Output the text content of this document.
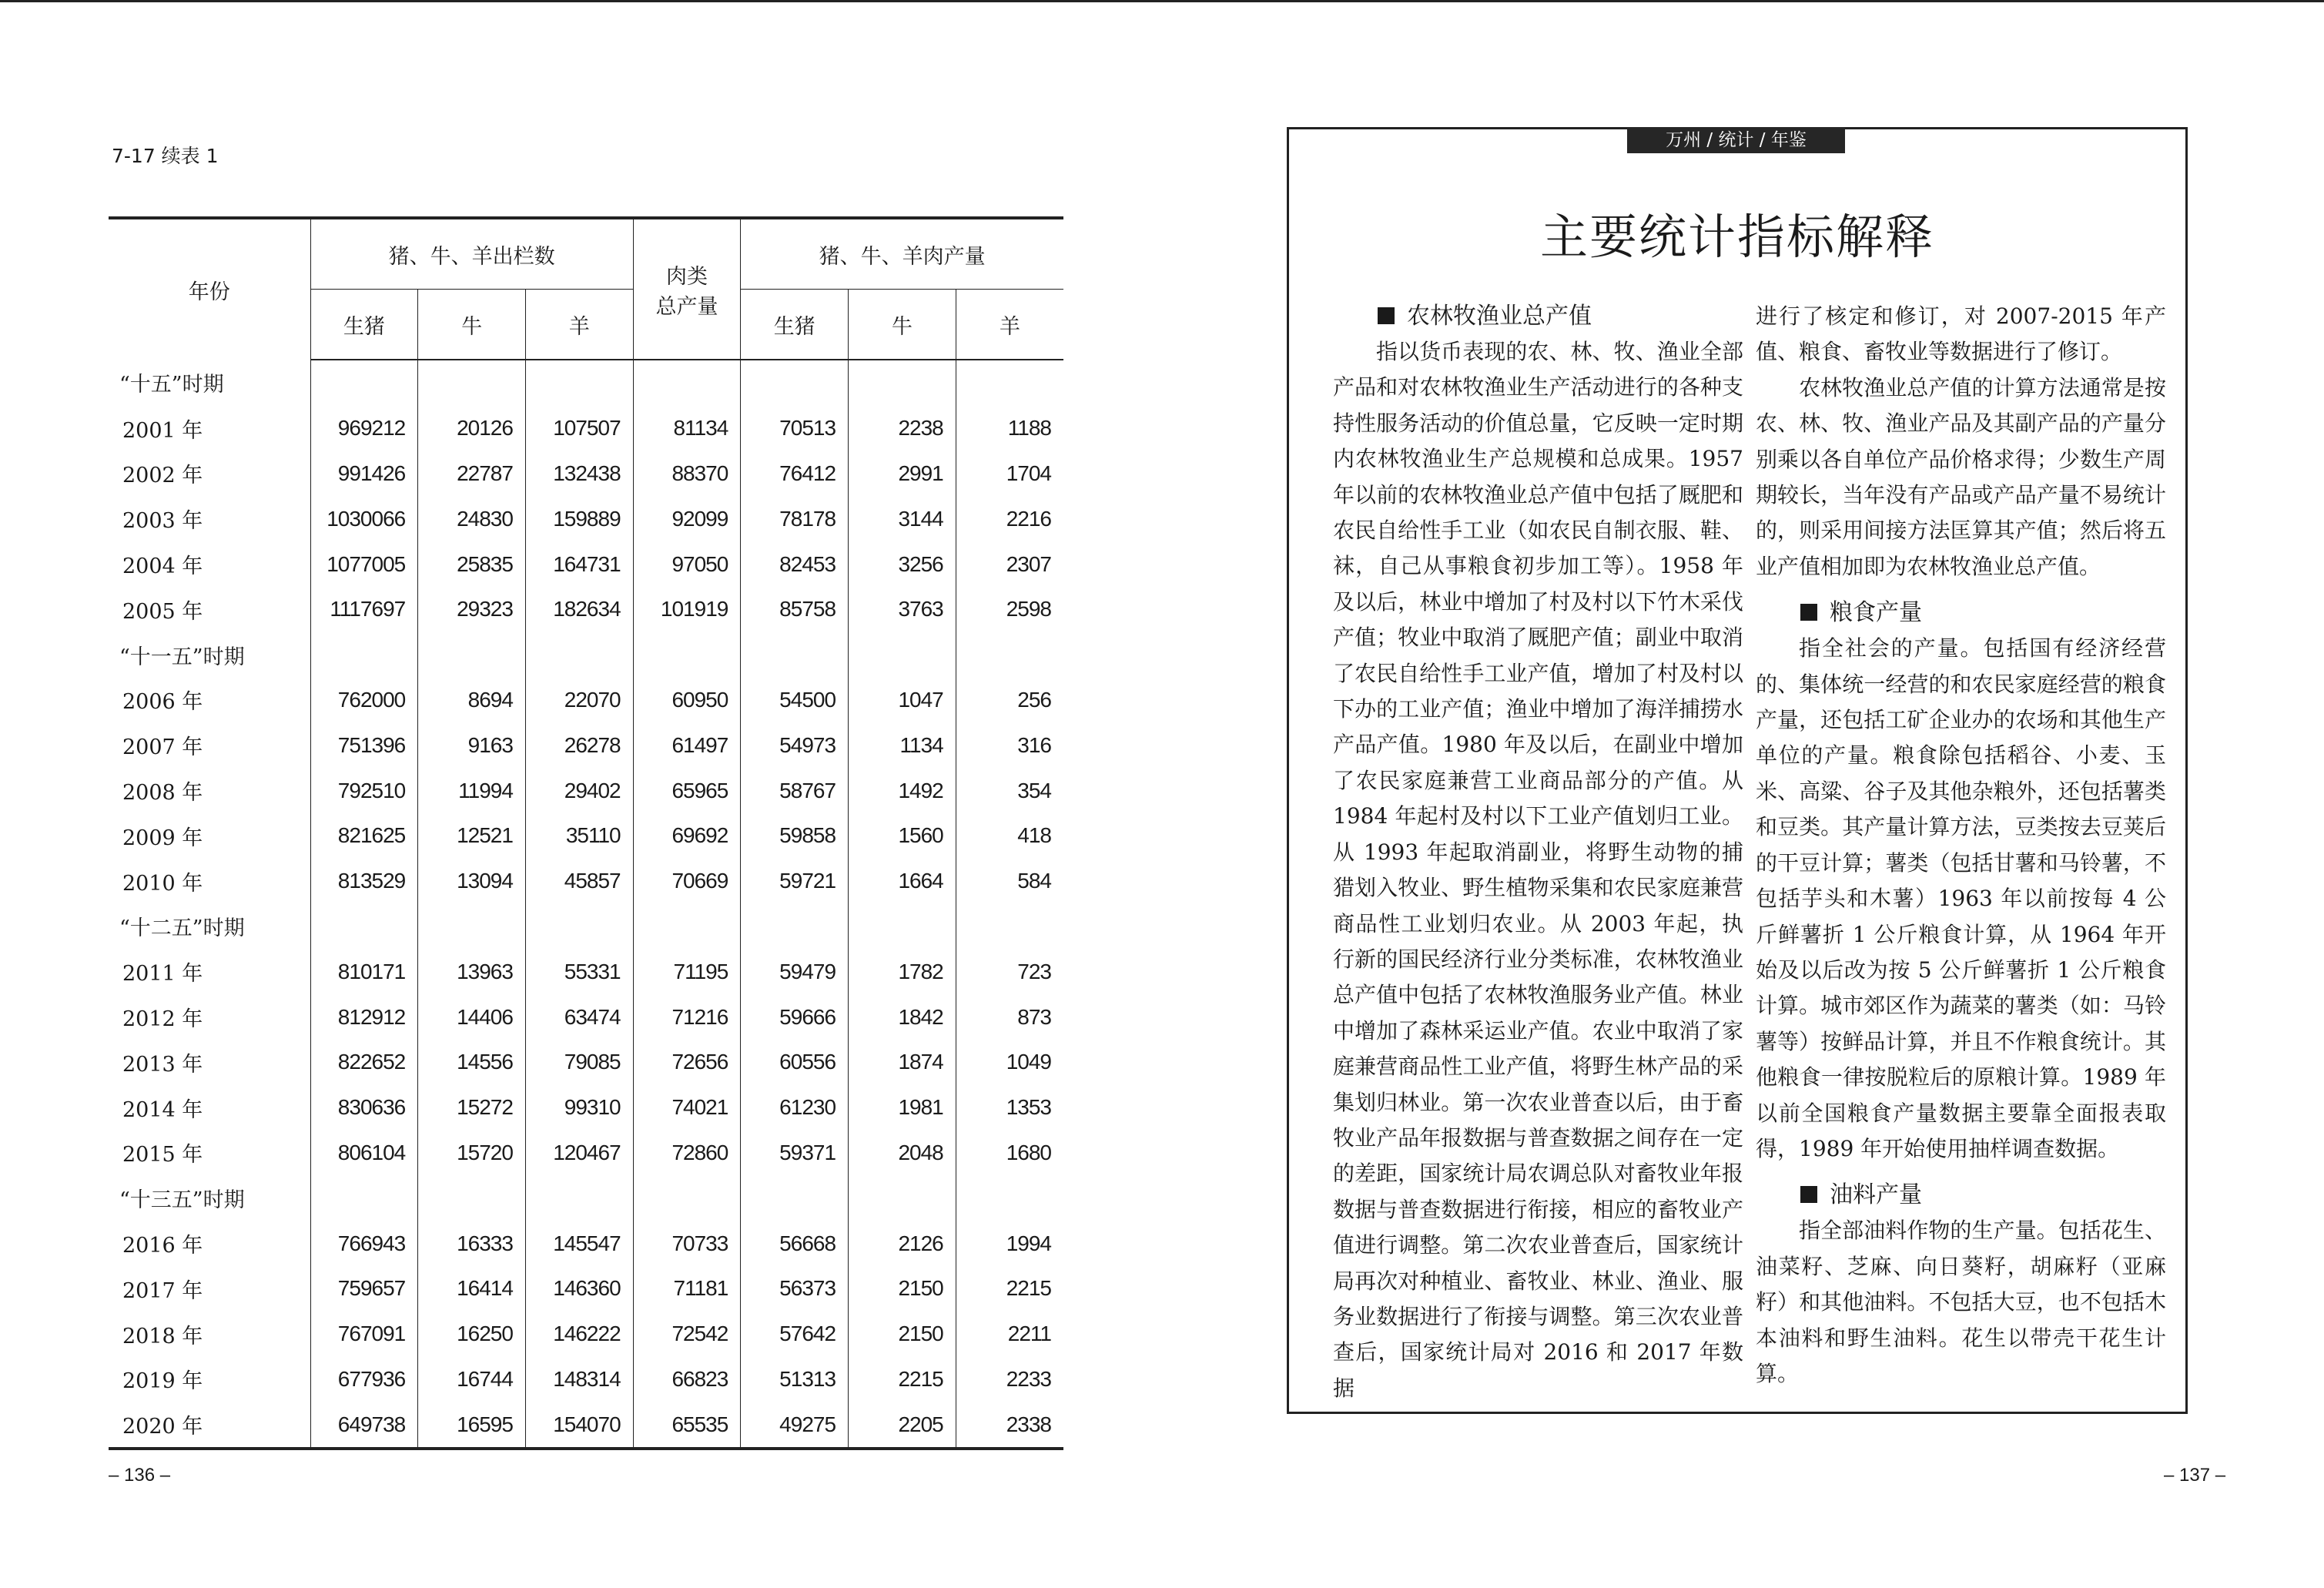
7-17 续表 1
年份	猪、牛、羊出栏数			肉类
总产量	猪、牛、羊肉产量		
	生猪	牛	羊		生猪	牛	羊
“十五”时期							
2001 年	969212	20126	107507	81134	70513	2238	1188
2002 年	991426	22787	132438	88370	76412	2991	1704
2003 年	1030066	24830	159889	92099	78178	3144	2216
2004 年	1077005	25835	164731	97050	82453	3256	2307
2005 年	1117697	29323	182634	101919	85758	3763	2598
“十一五”时期							
2006 年	762000	8694	22070	60950	54500	1047	256
2007 年	751396	9163	26278	61497	54973	1134	316
2008 年	792510	11994	29402	65965	58767	1492	354
2009 年	821625	12521	35110	69692	59858	1560	418
2010 年	813529	13094	45857	70669	59721	1664	584
“十二五”时期							
2011 年	810171	13963	55331	71195	59479	1782	723
2012 年	812912	14406	63474	71216	59666	1842	873
2013 年	822652	14556	79085	72656	60556	1874	1049
2014 年	830636	15272	99310	74021	61230	1981	1353
2015 年	806104	15720	120467	72860	59371	2048	1680
“十三五”时期							
2016 年	766943	16333	145547	70733	56668	2126	1994
2017 年	759657	16414	146360	71181	56373	2150	2215
2018 年	767091	16250	146222	72542	57642	2150	2211
2019 年	677936	16744	148314	66823	51313	2215	2233
2020 年	649738	16595	154070	65535	49275	2205	2338
– 136 –
万州 / 统计 / 年鉴
主要统计指标解释
农林牧渔业总产值

指以货币表现的农、林、牧、渔业全部产品和对农林牧渔业生产活动进行的各种支持性服务活动的价值总量，它反映一定时期内农林牧渔业生产总规模和总成果。1957 年以前的农林牧渔业总产值中包括了厩肥和农民自给性手工业（如农民自制衣服、鞋、袜，自己从事粮食初步加工等）。1958 年及以后，林业中增加了村及村以下竹木采伐产值；牧业中取消了厩肥产值；副业中取消了农民自给性手工业产值，增加了村及村以下办的工业产值；渔业中增加了海洋捕捞水产品产值。1980 年及以后，在副业中增加了农民家庭兼营工业商品部分的产值。从 1984 年起村及村以下工业产值划归工业。从 1993 年起取消副业，将野生动物的捕猎划入牧业、野生植物采集和农民家庭兼营商品性工业划归农业。从 2003 年起，执行新的国民经济行业分类标准，农林牧渔业总产值中包括了农林牧渔服务业产值。林业中增加了森林采运业产值。农业中取消了家庭兼营商品性工业产值，将野生林产品的采集划归林业。第一次农业普查以后，由于畜牧业产品年报数据与普查数据之间存在一定的差距，国家统计局农调总队对畜牧业年报数据与普查数据进行衔接，相应的畜牧业产值进行调整。第二次农业普查后，国家统计局再次对种植业、畜牧业、林业、渔业、服务业数据进行了衔接与调整。第三次农业普查后，国家统计局对 2016 和 2017 年数据

进行了核定和修订，对 2007-2015 年产值、粮食、畜牧业等数据进行了修订。

农林牧渔业总产值的计算方法通常是按农、林、牧、渔业产品及其副产品的产量分别乘以各自单位产品价格求得；少数生产周期较长，当年没有产品或产品产量不易统计的，则采用间接方法匡算其产值；然后将五业产值相加即为农林牧渔业总产值。

粮食产量

指全社会的产量。包括国有经济经营的、集体统一经营的和农民家庭经营的粮食产量，还包括工矿企业办的农场和其他生产单位的产量。粮食除包括稻谷、小麦、玉米、高粱、谷子及其他杂粮外，还包括薯类和豆类。其产量计算方法，豆类按去豆荚后的干豆计算；薯类（包括甘薯和马铃薯，不包括芋头和木薯）1963 年以前按每 4 公斤鲜薯折 1 公斤粮食计算，从 1964 年开始及以后改为按 5 公斤鲜薯折 1 公斤粮食计算。城市郊区作为蔬菜的薯类（如：马铃薯等）按鲜品计算，并且不作粮食统计。其他粮食一律按脱粒后的原粮计算。1989 年以前全国粮食产量数据主要靠全面报表取得，1989 年开始使用抽样调查数据。

油料产量

指全部油料作物的生产量。包括花生、油菜籽、芝麻、向日葵籽，胡麻籽（亚麻籽）和其他油料。不包括大豆，也不包括木本油料和野生油料。花生以带壳干花生计算。

– 137 –
